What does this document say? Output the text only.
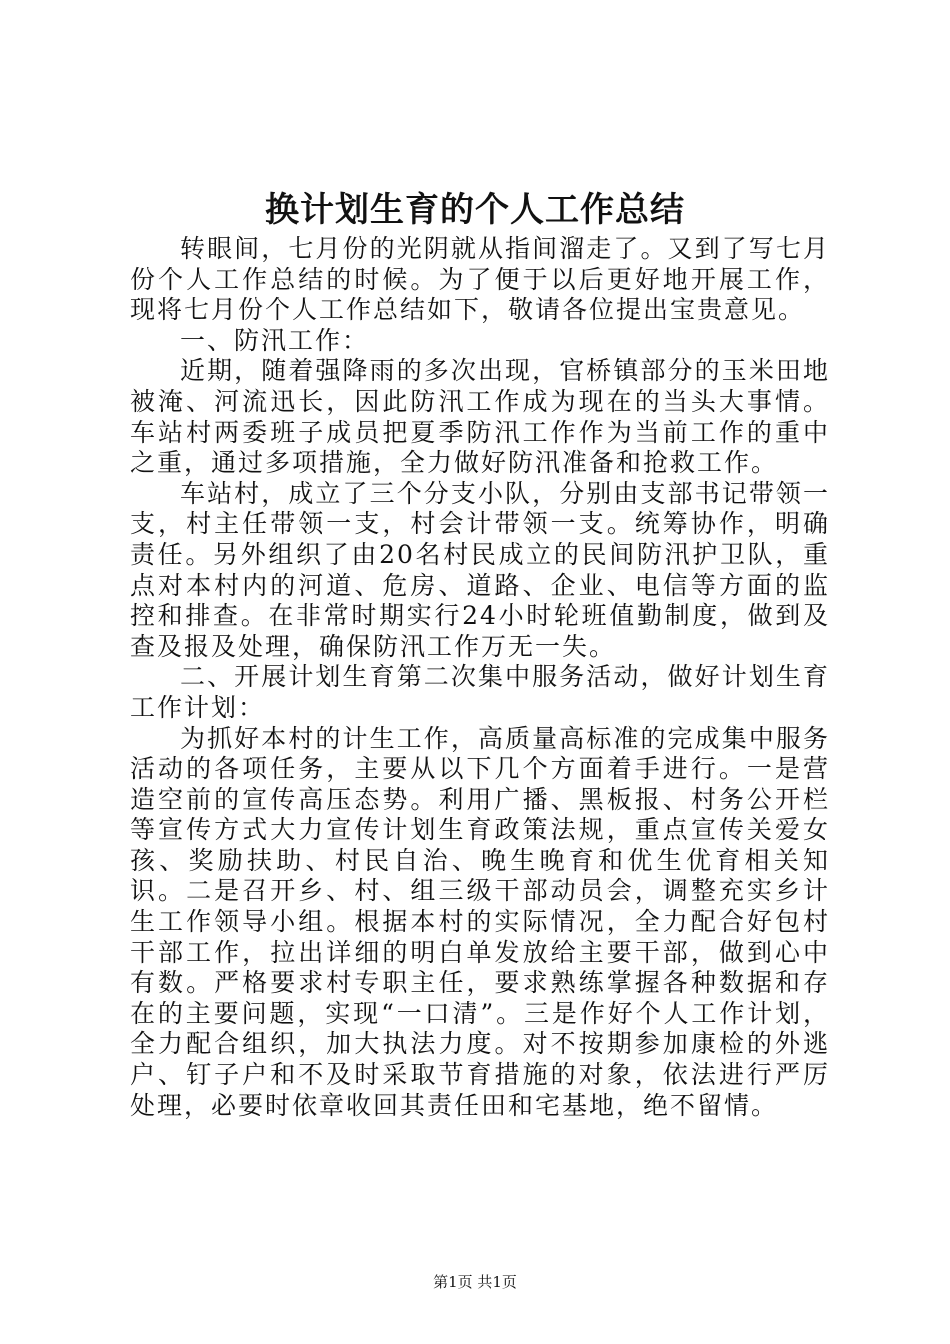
换计划生育的个人工作总结

转眼间，七月份的光阴就从指间溜走了。又到了写七月份个人工作总结的时候。为了便于以后更好地开展工作，现将七月份个人工作总结如下，敬请各位提出宝贵意见。

一、防汛工作：

近期，随着强降雨的多次出现，官桥镇部分的玉米田地被淹、河流迅长，因此防汛工作成为现在的当头大事情。车站村两委班子成员把夏季防汛工作作为当前工作的重中之重，通过多项措施，全力做好防汛准备和抢救工作。

车站村，成立了三个分支小队，分别由支部书记带领一支，村主任带领一支，村会计带领一支。统筹协作，明确责任。另外组织了由20名村民成立的民间防汛护卫队，重点对本村内的河道、危房、道路、企业、电信等方面的监控和排查。在非常时期实行24小时轮班值勤制度，做到及查及报及处理，确保防汛工作万无一失。

二、开展计划生育第二次集中服务活动，做好计划生育工作计划：

为抓好本村的计生工作，高质量高标准的完成集中服务活动的各项任务，主要从以下几个方面着手进行。一是营造空前的宣传高压态势。利用广播、黑板报、村务公开栏等宣传方式大力宣传计划生育政策法规，重点宣传关爱女孩、奖励扶助、村民自治、晚生晚育和优生优育相关知识。二是召开乡、村、组三级干部动员会，调整充实乡计生工作领导小组。根据本村的实际情况，全力配合好包村干部工作，拉出详细的明白单发放给主要干部，做到心中有数。严格要求村专职主任，要求熟练掌握各种数据和存在的主要问题，实现“一口清”。三是作好个人工作计划，全力配合组织，加大执法力度。对不按期参加康检的外逃户、钉子户和不及时采取节育措施的对象，依法进行严厉处理，必要时依章收回其责任田和宅基地，绝不留情。

第1页 共1页
